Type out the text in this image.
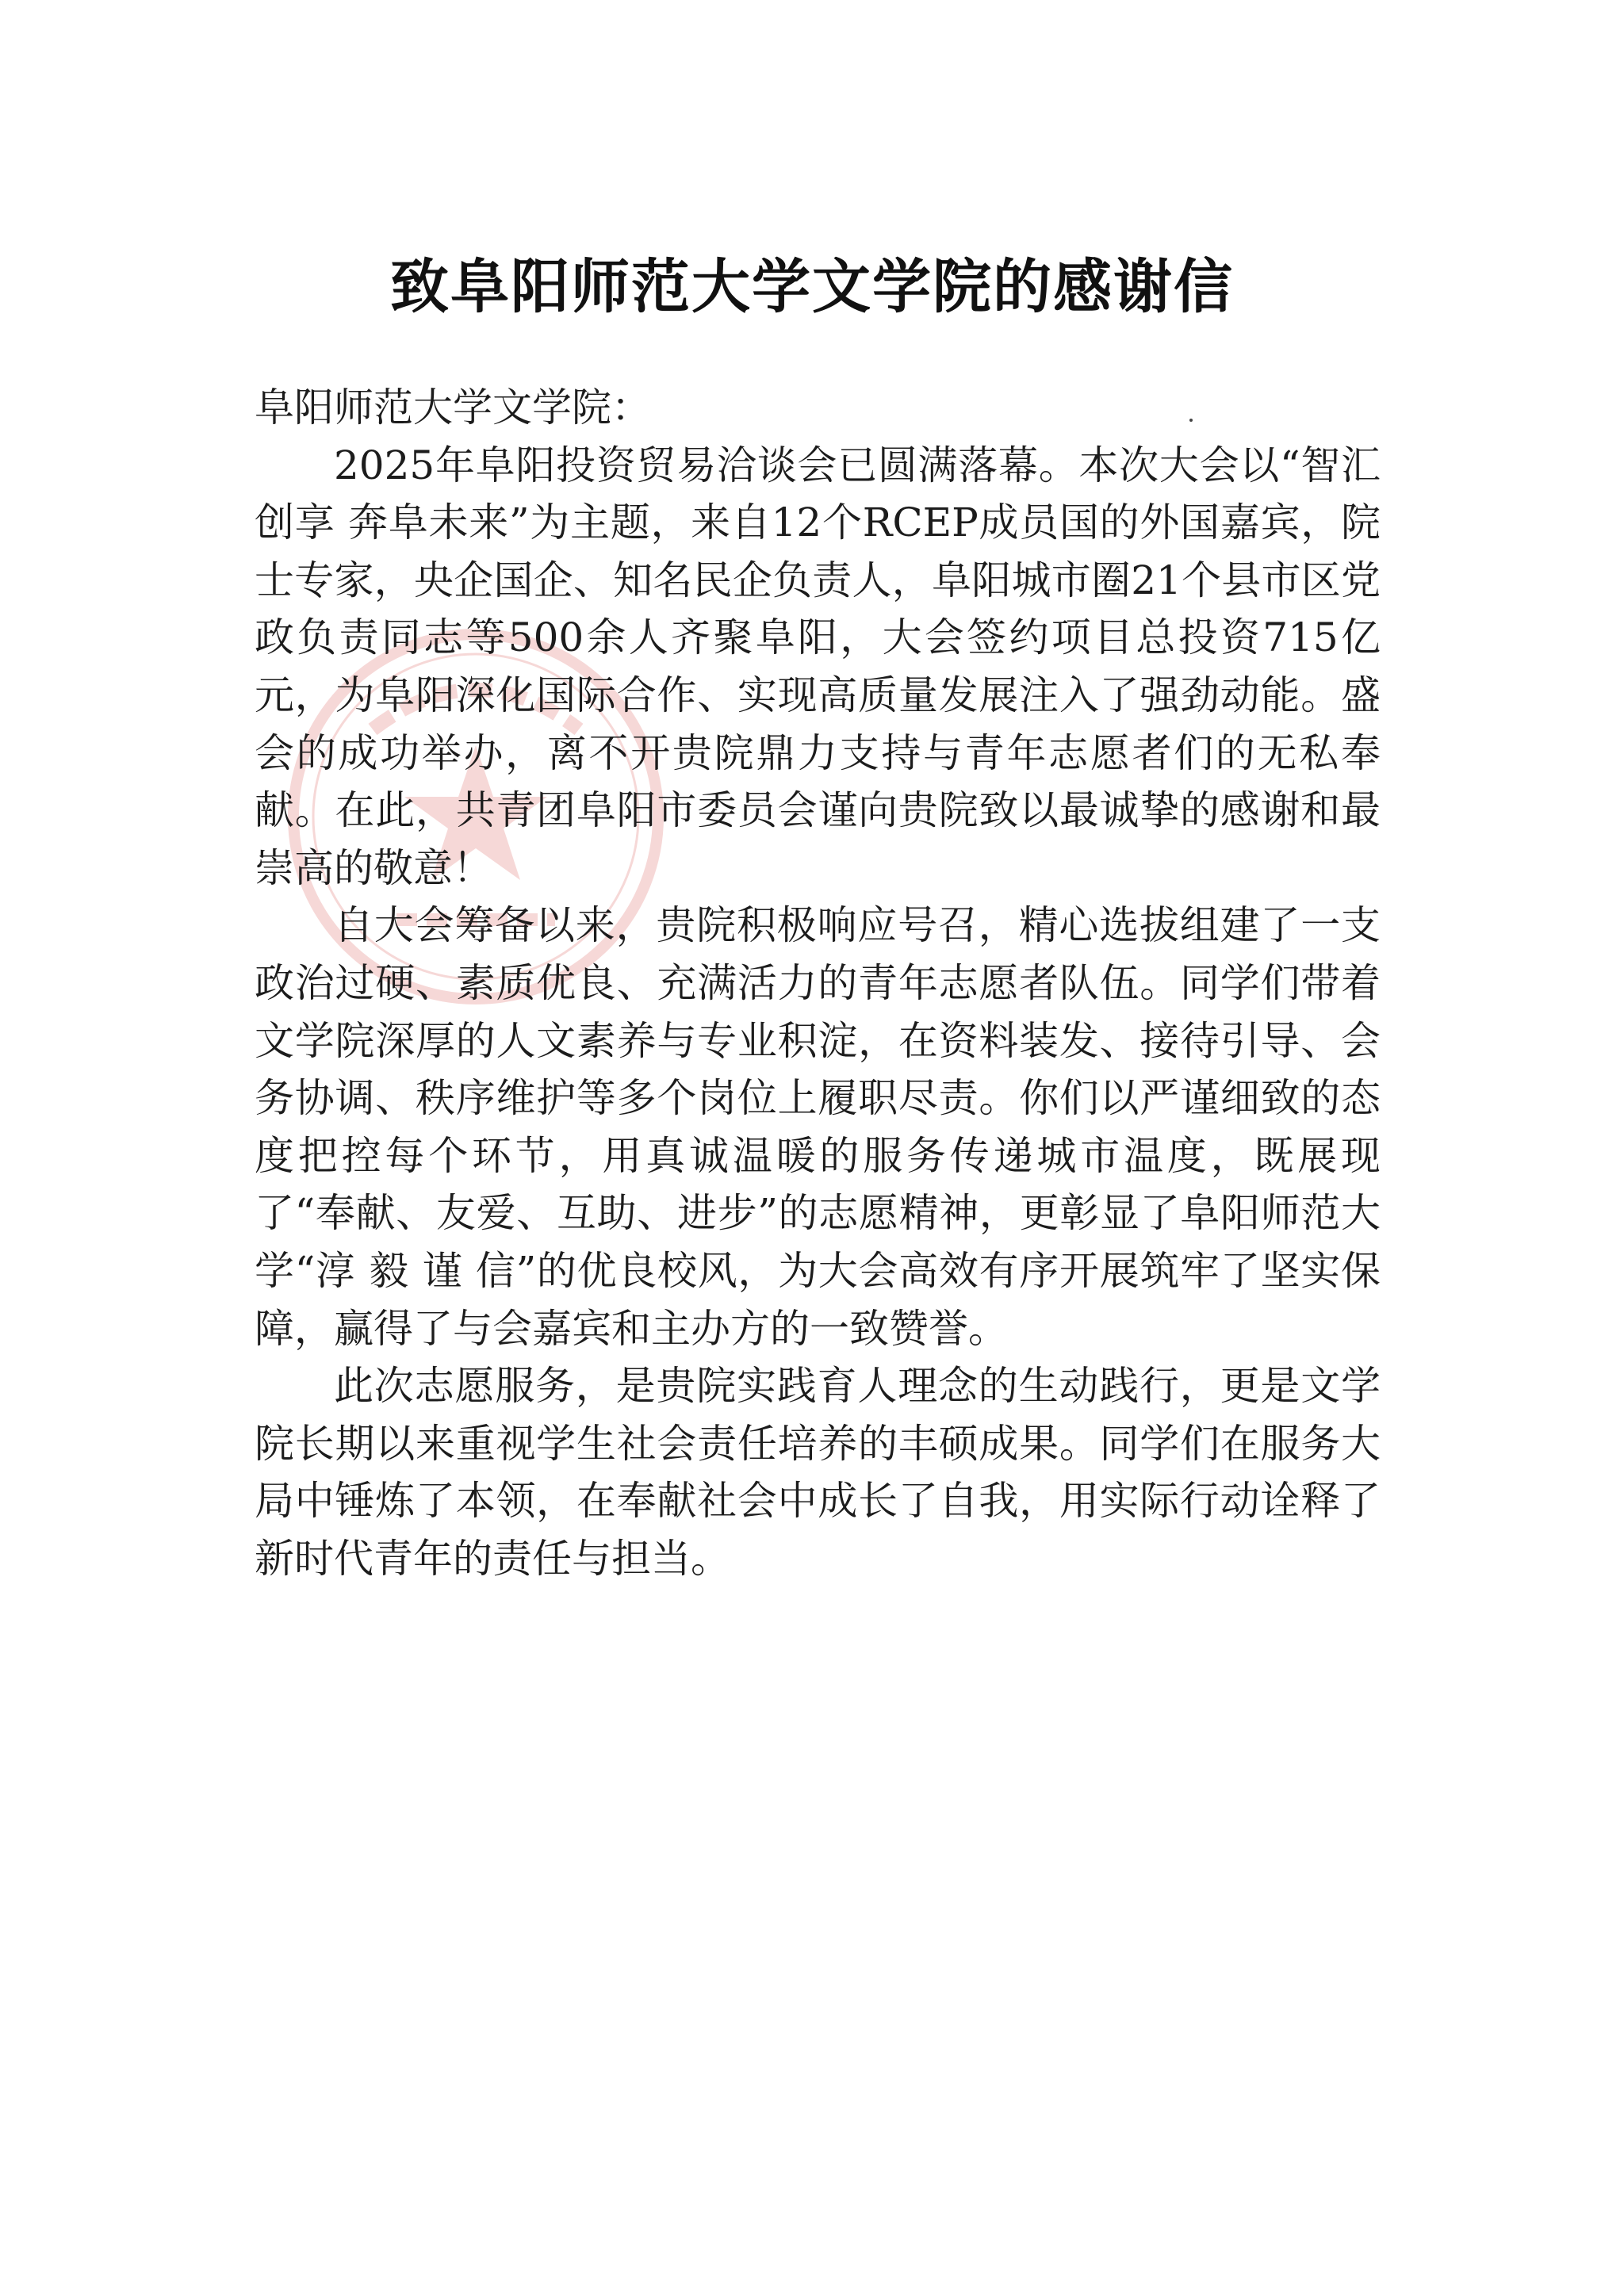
致阜阳师范大学文学院的感谢信

阜阳师范大学文学院：

2025年阜阳投资贸易洽谈会已圆满落幕。本次大会以“智汇创享 奔阜未来”为主题，来自12个RCEP成员国的外国嘉宾，院士专家，央企国企、知名民企负责人，阜阳城市圈21个县市区党政负责同志等500余人齐聚阜阳，大会签约项目总投资715亿元，为阜阳深化国际合作、实现高质量发展注入了强劲动能。盛会的成功举办，离不开贵院鼎力支持与青年志愿者们的无私奉献。在此，共青团阜阳市委员会谨向贵院致以最诚挚的感谢和最崇高的敬意！

自大会筹备以来，贵院积极响应号召，精心选拔组建了一支政治过硬、素质优良、充满活力的青年志愿者队伍。同学们带着文学院深厚的人文素养与专业积淀，在资料装发、接待引导、会务协调、秩序维护等多个岗位上履职尽责。你们以严谨细致的态度把控每个环节，用真诚温暖的服务传递城市温度，既展现了“奉献、友爱、互助、进步”的志愿精神，更彰显了阜阳师范大学“淳 毅 谨 信”的优良校风，为大会高效有序开展筑牢了坚实保障，赢得了与会嘉宾和主办方的一致赞誉。

此次志愿服务，是贵院实践育人理念的生动践行，更是文学院长期以来重视学生社会责任培养的丰硕成果。同学们在服务大局中锤炼了本领，在奉献社会中成长了自我，用实际行动诠释了新时代青年的责任与担当。
